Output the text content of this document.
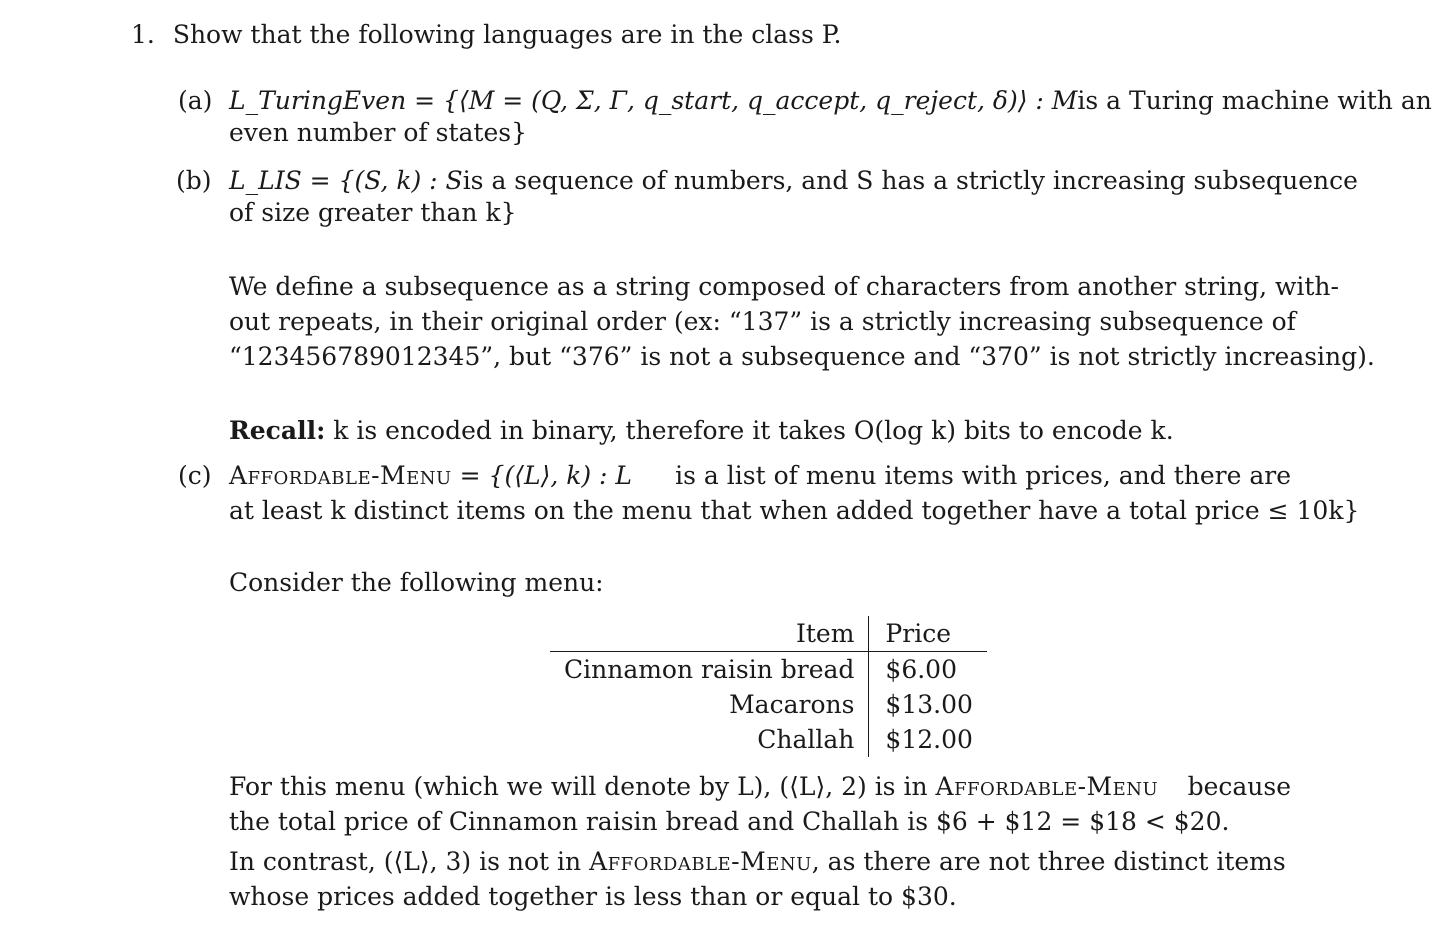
1. Show that the following languages are in the class P.
(a) L_TuringEven = {⟨M = (Q, Σ, Γ, q_start, q_accept, q_reject, δ)⟩ : M is a Turing machine with an
even number of states}
(b) L_LIS = {(S, k) : S is a sequence of numbers, and S has a strictly increasing subsequence
of size greater than k}
We define a subsequence as a string composed of characters from another string, with-
out repeats, in their original order (ex: “137” is a strictly increasing subsequence of
“123456789012345”, but “376” is not a subsequence and “370” is not strictly increasing).
Recall: k is encoded in binary, therefore it takes O(log k) bits to encode k.
(c) Affordable-Menu = {(⟨L⟩, k) : L is a list of menu items with prices, and there are
at least k distinct items on the menu that when added together have a total price ≤ 10k}
Consider the following menu:
Item	Price
Cinnamon raisin bread	$6.00
Macarons	$13.00
Challah	$12.00
For this menu (which we will denote by L), (⟨L⟩, 2) is in Affordable-Menu because
the total price of Cinnamon raisin bread and Challah is $6 + $12 = $18 < $20.
In contrast, (⟨L⟩, 3) is not in Affordable-Menu, as there are not three distinct items
whose prices added together is less than or equal to $30.
